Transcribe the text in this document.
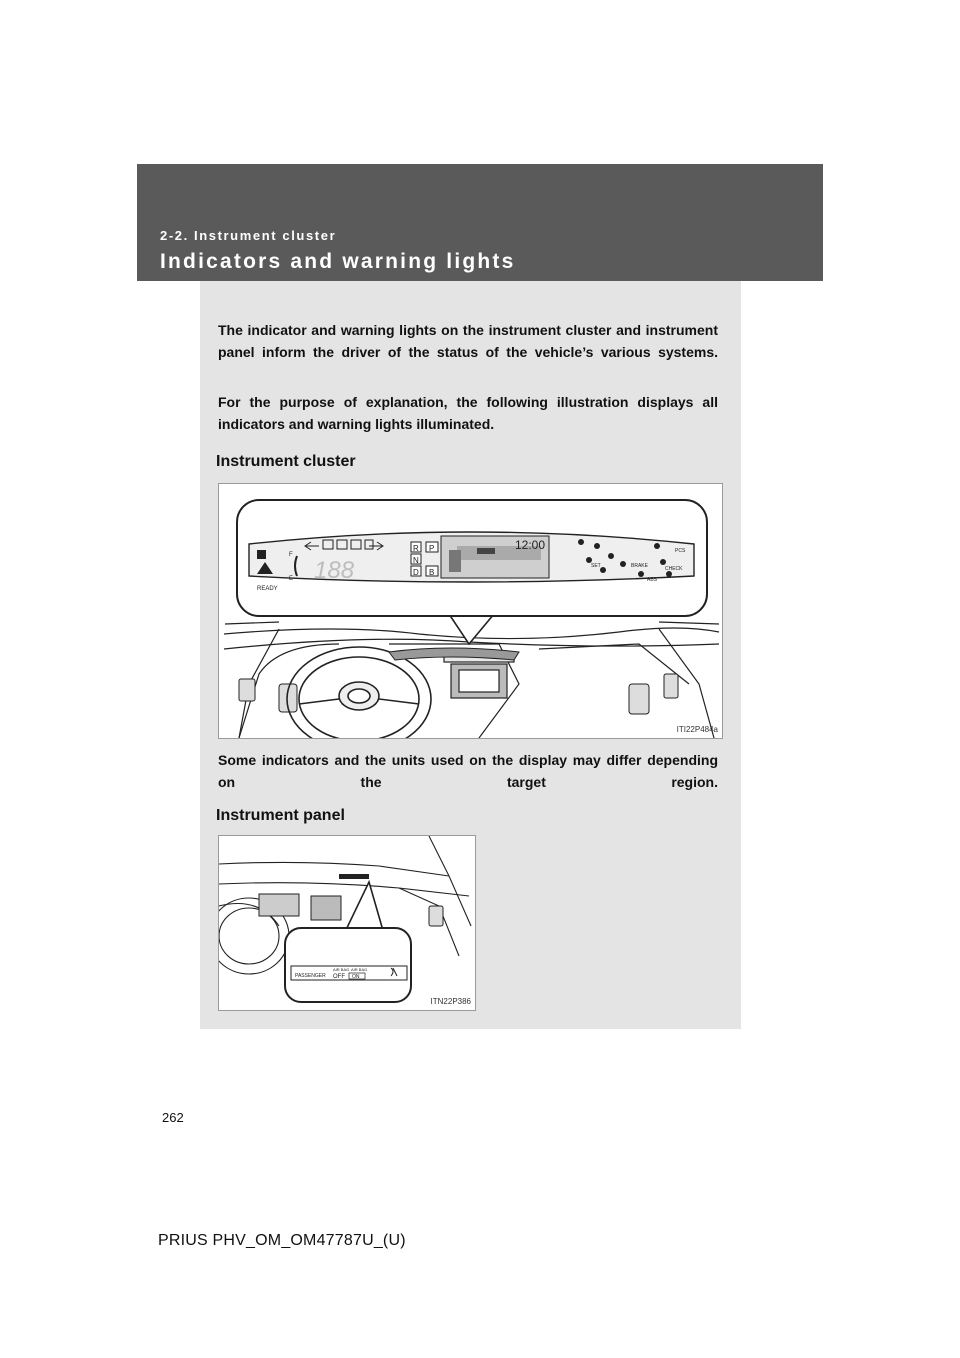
2-2. Instrument cluster
Indicators and warning lights
The indicator and warning lights on the instrument cluster and instrument panel inform the driver of the status of the vehicle’s various systems.
For the purpose of explanation, the following illustration displays all indicators and warning lights illuminated.
Instrument cluster
READY
F
E 188
R
N
D
P
B
12:00	PCS
CHECK
BRAKE
ABS
SET
ITI22P484a
Some indicators and the units used on the display may differ depending on the target region.
Instrument panel
PASSENGER
AIR BAG
OFF
AIR BAG
ON
ITN22P386
262
PRIUS PHV_OM_OM47787U_(U)
